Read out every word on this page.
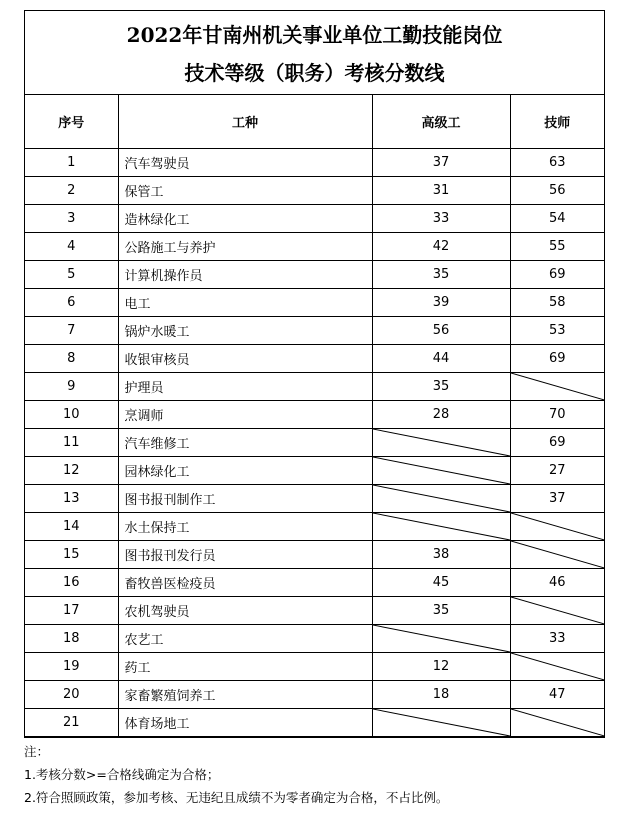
2022年甘南州机关事业单位工勤技能岗位
技术等级（职务）考核分数线
序号	工种	高级工	技师
1	汽车驾驶员	37	63
2	保管工	31	56
3	造林绿化工	33	54
4	公路施工与养护	42	55
5	计算机操作员	35	69
6	电工	39	58
7	锅炉水暖工	56	53
8	收银审核员	44	69
9	护理员	35	

10	烹调师	28	70
11	汽车维修工		69
12	园林绿化工		27
13	图书报刊制作工		37
14	水土保持工	

15	图书报刊发行员	38	

16	畜牧兽医检疫员	45	46
17	农机驾驶员	35	

18	农艺工		33
19	药工	12	

20	家畜繁殖饲养工	18	47
21	体育场地工	

注：
1.考核分数>=合格线确定为合格；
2.符合照顾政策，参加考核、无违纪且成绩不为零者确定为合格，不占比例。
